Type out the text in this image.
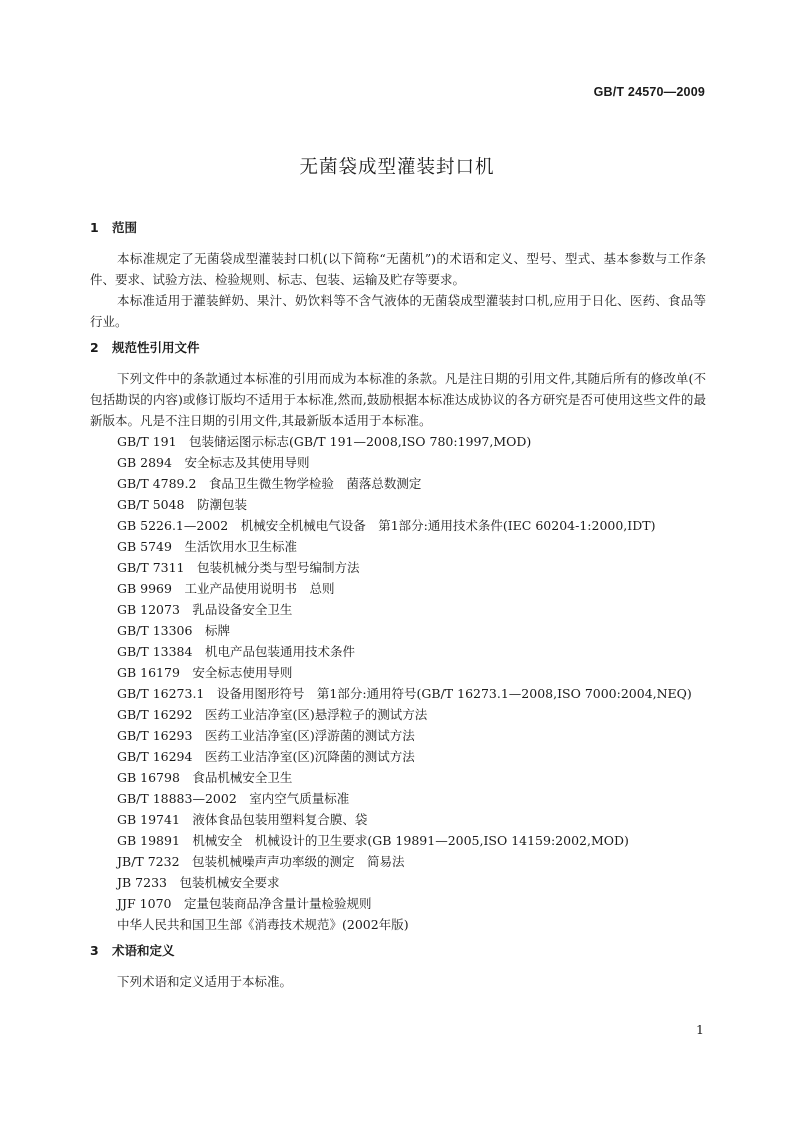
GB/T 24570—2009
无菌袋成型灌装封口机
1 范围

本标准规定了无菌袋成型灌装封口机(以下简称“无菌机”)的术语和定义、型号、型式、基本参数与工作条件、要求、试验方法、检验规则、标志、包装、运输及贮存等要求。

本标准适用于灌装鲜奶、果汁、奶饮料等不含气液体的无菌袋成型灌装封口机,应用于日化、医药、食品等行业。

2 规范性引用文件

下列文件中的条款通过本标准的引用而成为本标准的条款。凡是注日期的引用文件,其随后所有的修改单(不包括勘误的内容)或修订版均不适用于本标准,然而,鼓励根据本标准达成协议的各方研究是否可使用这些文件的最新版本。凡是不注日期的引用文件,其最新版本适用于本标准。

GB/T 191　包装储运图示标志(GB/T 191—2008,ISO 780:1997,MOD)

GB 2894　安全标志及其使用导则

GB/T 4789.2　食品卫生微生物学检验　菌落总数测定

GB/T 5048　防潮包装

GB 5226.1—2002　机械安全机械电气设备　第1部分:通用技术条件(IEC 60204-1:2000,IDT)

GB 5749　生活饮用水卫生标准

GB/T 7311　包装机械分类与型号编制方法

GB 9969　工业产品使用说明书　总则

GB 12073　乳品设备安全卫生

GB/T 13306　标牌

GB/T 13384　机电产品包装通用技术条件

GB 16179　安全标志使用导则

GB/T 16273.1　设备用图形符号　第1部分:通用符号(GB/T 16273.1—2008,ISO 7000:2004,NEQ)

GB/T 16292　医药工业洁净室(区)悬浮粒子的测试方法

GB/T 16293　医药工业洁净室(区)浮游菌的测试方法

GB/T 16294　医药工业洁净室(区)沉降菌的测试方法

GB 16798　食品机械安全卫生

GB/T 18883—2002　室内空气质量标准

GB 19741　液体食品包装用塑料复合膜、袋

GB 19891　机械安全　机械设计的卫生要求(GB 19891—2005,ISO 14159:2002,MOD)

JB/T 7232　包装机械噪声声功率级的测定　简易法

JB 7233　包装机械安全要求

JJF 1070　定量包装商品净含量计量检验规则

中华人民共和国卫生部《消毒技术规范》(2002年版)

3 术语和定义

下列术语和定义适用于本标准。

1
